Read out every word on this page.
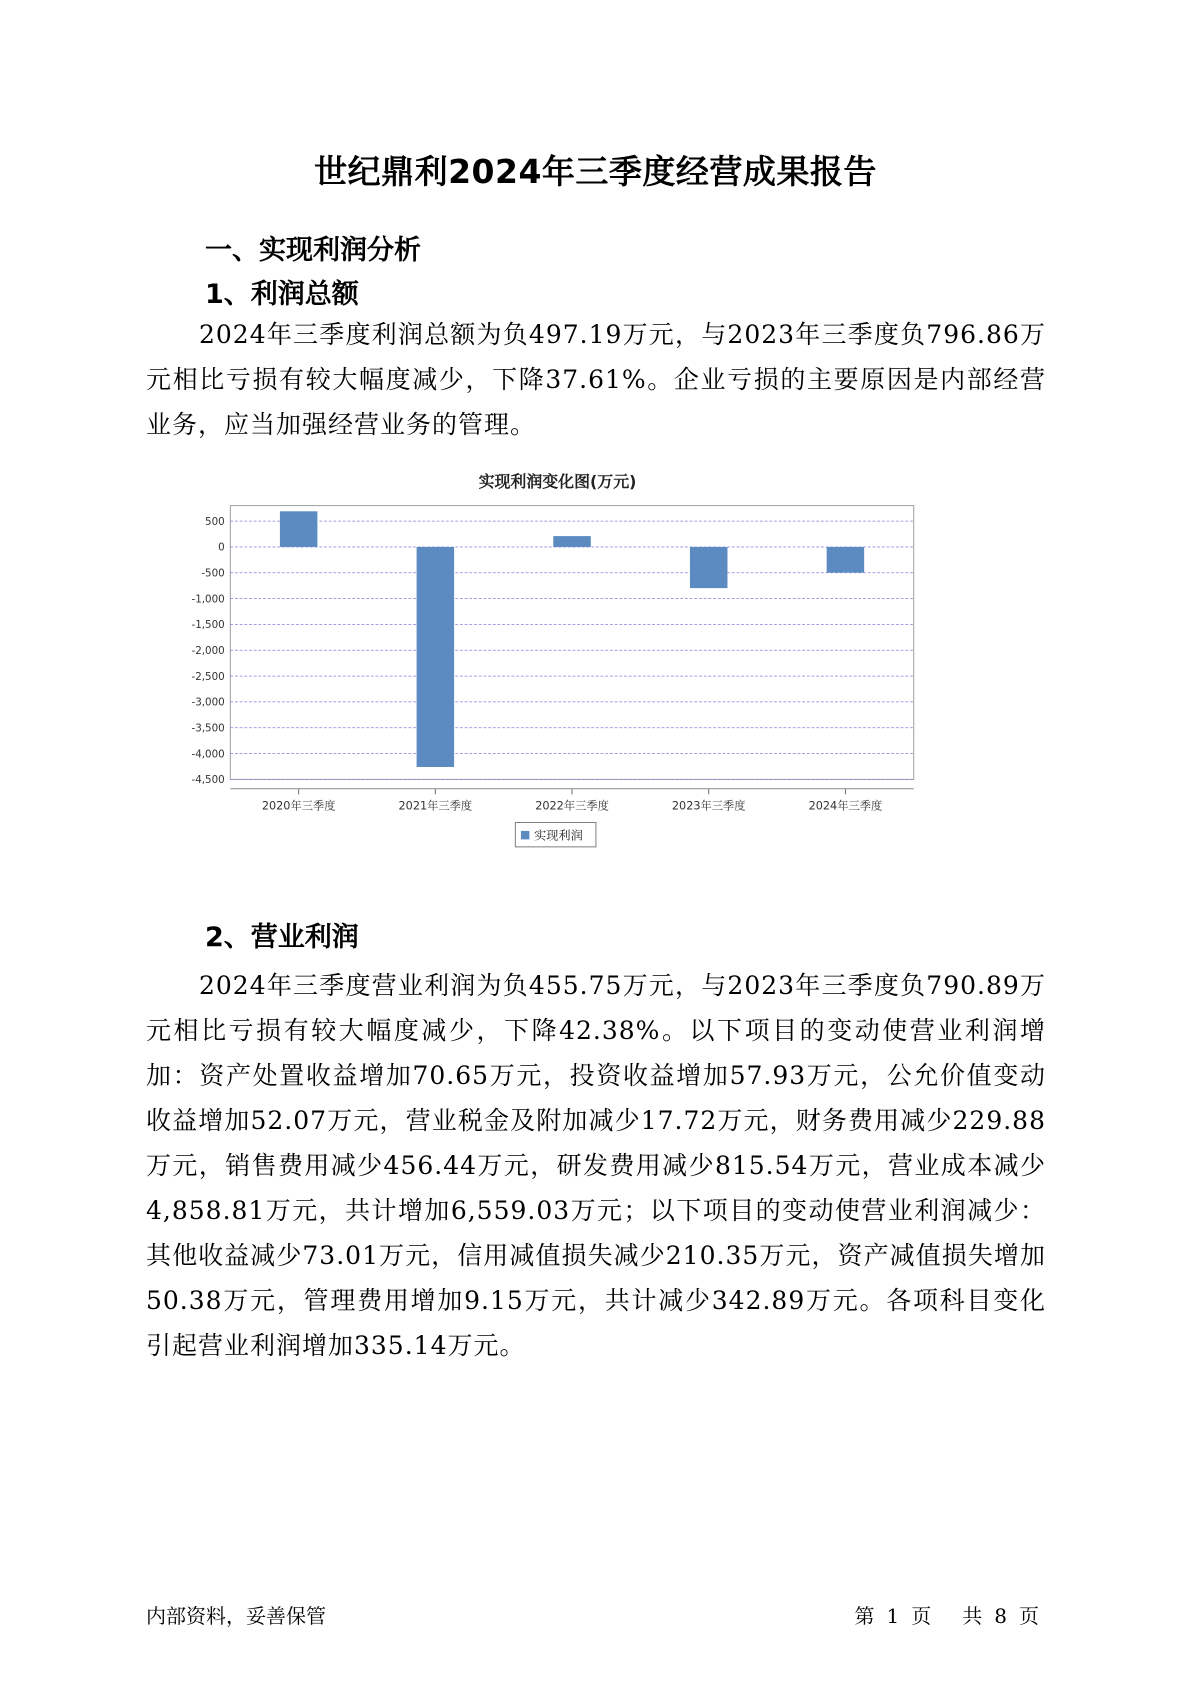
世纪鼎利2024年三季度经营成果报告
一、实现利润分析
1、利润总额

2024年三季度利润总额为负497.19万元，与2023年三季度负796.86万元相比亏损有较大幅度减少，下降37.61%。企业亏损的主要原因是内部经营业务，应当加强经营业务的管理。

实现利润变化图(万元)
500
0
-500
-1,000
-1,500
-2,000
-2,500
-3,000
-3,500
-4,000
-4,500
2020年三季度	2021年三季度	2022年三季度	2023年三季度	2024年三季度
实现利润
2、营业利润

2024年三季度营业利润为负455.75万元，与2023年三季度负790.89万元相比亏损有较大幅度减少，下降42.38%。以下项目的变动使营业利润增加：资产处置收益增加70.65万元，投资收益增加57.93万元，公允价值变动收益增加52.07万元，营业税金及附加减少17.72万元，财务费用减少229.88万元，销售费用减少456.44万元，研发费用减少815.54万元，营业成本减少4,858.81万元，共计增加6,559.03万元；以下项目的变动使营业利润减少：其他收益减少73.01万元，信用减值损失减少210.35万元，资产减值损失增加50.38万元，管理费用增加9.15万元，共计减少342.89万元。各项科目变化引起营业利润增加335.14万元。

内部资料，妥善保管	第 1 页 共 8 页
